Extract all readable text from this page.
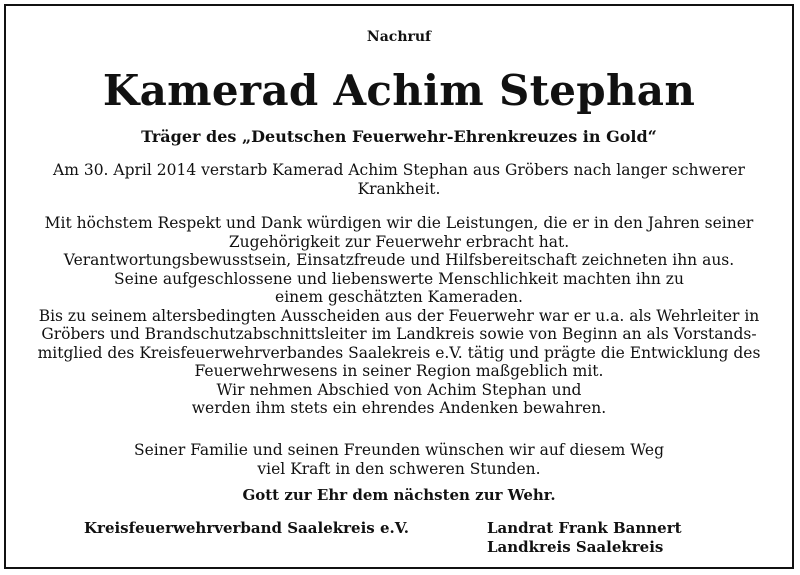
Nachruf
Kamerad Achim Stephan
Träger des „Deutschen Feuerwehr-Ehrenkreuzes in Gold“
Am 30. April 2014 verstarb Kamerad Achim Stephan aus Gröbers nach langer schwerer
Krankheit.
Mit höchstem Respekt und Dank würdigen wir die Leistungen, die er in den Jahren seiner
Zugehörigkeit zur Feuerwehr erbracht hat.
Verantwortungsbewusstsein, Einsatzfreude und Hilfsbereitschaft zeichneten ihn aus.
Seine aufgeschlossene und liebenswerte Menschlichkeit machten ihn zu
einem geschätzten Kameraden.
Bis zu seinem altersbedingten Ausscheiden aus der Feuerwehr war er u.a. als Wehrleiter in
Gröbers und Brandschutzabschnittsleiter im Landkreis sowie von Beginn an als Vorstands-
mitglied des Kreisfeuerwehrverbandes Saalekreis e.V. tätig und prägte die Entwicklung des
Feuerwehrwesens in seiner Region maßgeblich mit.
Wir nehmen Abschied von Achim Stephan und
werden ihm stets ein ehrendes Andenken bewahren.
Seiner Familie und seinen Freunden wünschen wir auf diesem Weg
viel Kraft in den schweren Stunden.
Gott zur Ehr dem nächsten zur Wehr.
Kreisfeuerwehrverband Saalekreis e.V.	Landrat Frank Bannert
Landkreis Saalekreis
